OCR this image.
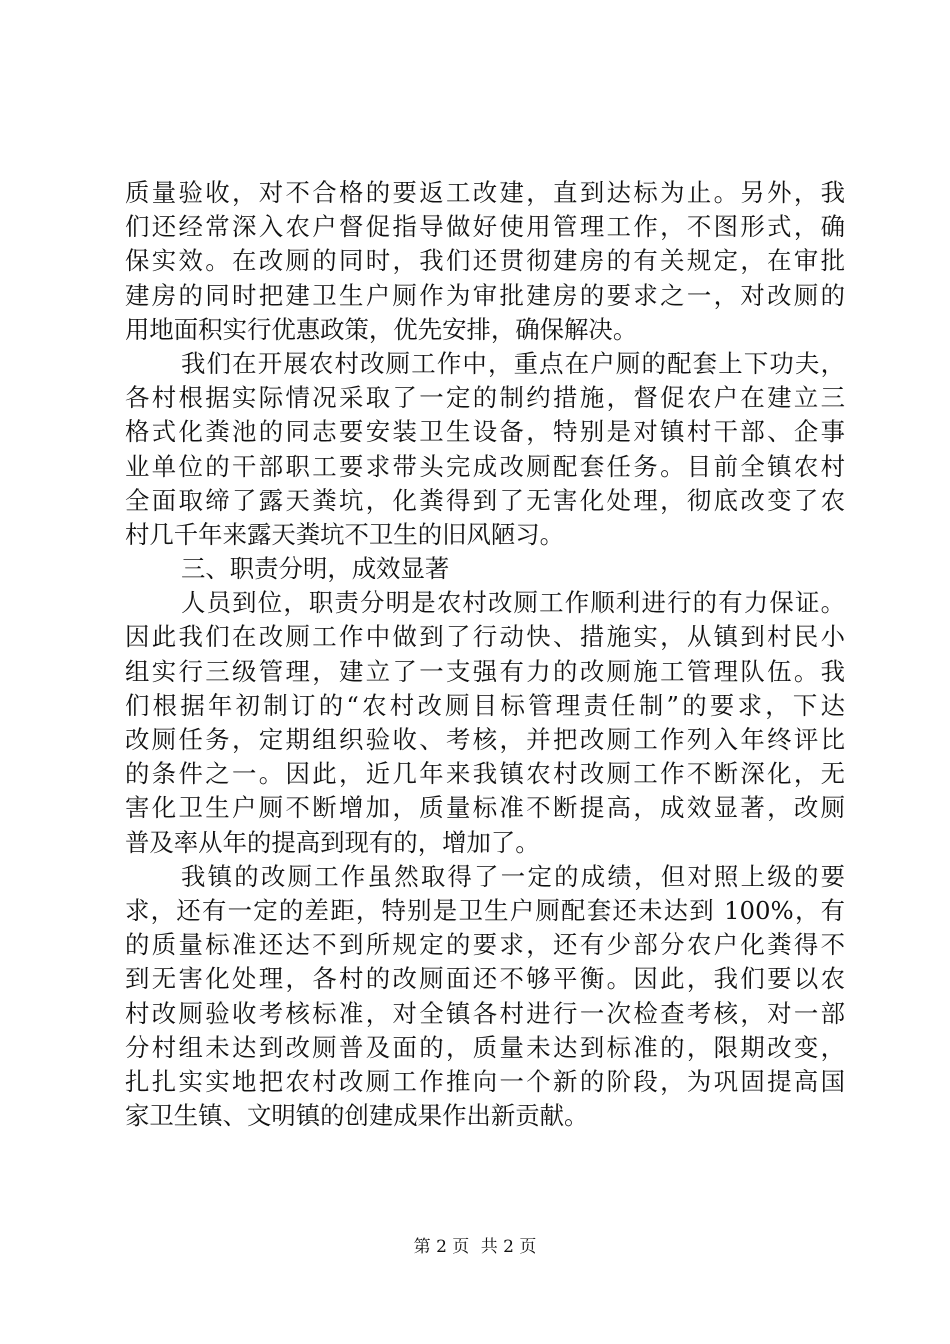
质量验收，对不合格的要返工改建，直到达标为止。另外，我
们还经常深入农户督促指导做好使用管理工作，不图形式，确
保实效。在改厕的同时，我们还贯彻建房的有关规定，在审批
建房的同时把建卫生户厕作为审批建房的要求之一，对改厕的
用地面积实行优惠政策，优先安排，确保解决。
我们在开展农村改厕工作中，重点在户厕的配套上下功夫，
各村根据实际情况采取了一定的制约措施，督促农户在建立三
格式化粪池的同志要安装卫生设备，特别是对镇村干部、企事
业单位的干部职工要求带头完成改厕配套任务。目前全镇农村
全面取缔了露天粪坑，化粪得到了无害化处理，彻底改变了农
村几千年来露天粪坑不卫生的旧风陋习。
三、职责分明，成效显著
人员到位，职责分明是农村改厕工作顺利进行的有力保证。
因此我们在改厕工作中做到了行动快、措施实，从镇到村民小
组实行三级管理，建立了一支强有力的改厕施工管理队伍。我
们根据年初制订的“农村改厕目标管理责任制”的要求，下达
改厕任务，定期组织验收、考核，并把改厕工作列入年终评比
的条件之一。因此，近几年来我镇农村改厕工作不断深化，无
害化卫生户厕不断增加，质量标准不断提高，成效显著，改厕
普及率从年的提高到现有的，增加了。
我镇的改厕工作虽然取得了一定的成绩，但对照上级的要
求，还有一定的差距，特别是卫生户厕配套还未达到 100%，有
的质量标准还达不到所规定的要求，还有少部分农户化粪得不
到无害化处理，各村的改厕面还不够平衡。因此，我们要以农
村改厕验收考核标准，对全镇各村进行一次检查考核，对一部
分村组未达到改厕普及面的，质量未达到标准的，限期改变，
扎扎实实地把农村改厕工作推向一个新的阶段，为巩固提高国
家卫生镇、文明镇的创建成果作出新贡献。
第 2 页 共 2 页
